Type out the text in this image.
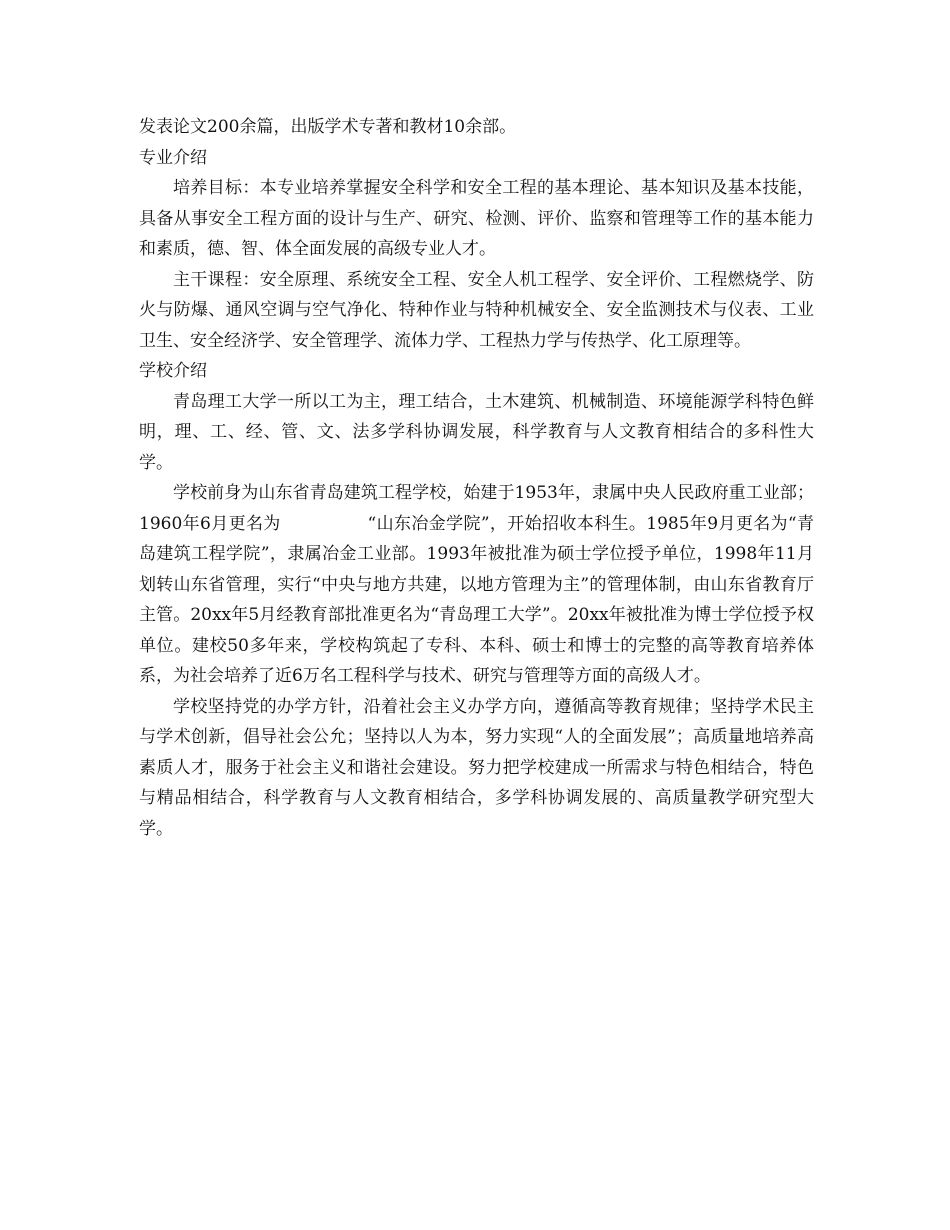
发表论文200余篇，出版学术专著和教材10余部。

专业介绍

培养目标：本专业培养掌握安全科学和安全工程的基本理论、基本知识及基本技能，具备从事安全工程方面的设计与生产、研究、检测、评价、监察和管理等工作的基本能力和素质，德、智、体全面发展的高级专业人才。

主干课程：安全原理、系统安全工程、安全人机工程学、安全评价、工程燃烧学、防火与防爆、通风空调与空气净化、特种作业与特种机械安全、安全监测技术与仪表、工业卫生、安全经济学、安全管理学、流体力学、工程热力学与传热学、化工原理等。

学校介绍

青岛理工大学一所以工为主，理工结合，土木建筑、机械制造、环境能源学科特色鲜明，理、工、经、管、文、法多学科协调发展，科学教育与人文教育相结合的多科性大学。

学校前身为山东省青岛建筑工程学校，始建于1953年，隶属中央人民政府重工业部；1960年6月更名为　　　　　“山东冶金学院”，开始招收本科生。1985年9月更名为“青岛建筑工程学院”，隶属冶金工业部。1993年被批准为硕士学位授予单位，1998年11月划转山东省管理，实行“中央与地方共建，以地方管理为主”的管理体制，由山东省教育厅主管。20xx年5月经教育部批准更名为“青岛理工大学”。20xx年被批准为博士学位授予权单位。建校50多年来，学校构筑起了专科、本科、硕士和博士的完整的高等教育培养体系，为社会培养了近6万名工程科学与技术、研究与管理等方面的高级人才。

学校坚持党的办学方针，沿着社会主义办学方向，遵循高等教育规律；坚持学术民主与学术创新，倡导社会公允；坚持以人为本，努力实现“人的全面发展”；高质量地培养高素质人才，服务于社会主义和谐社会建设。努力把学校建成一所需求与特色相结合，特色与精品相结合，科学教育与人文教育相结合，多学科协调发展的、高质量教学研究型大学。
